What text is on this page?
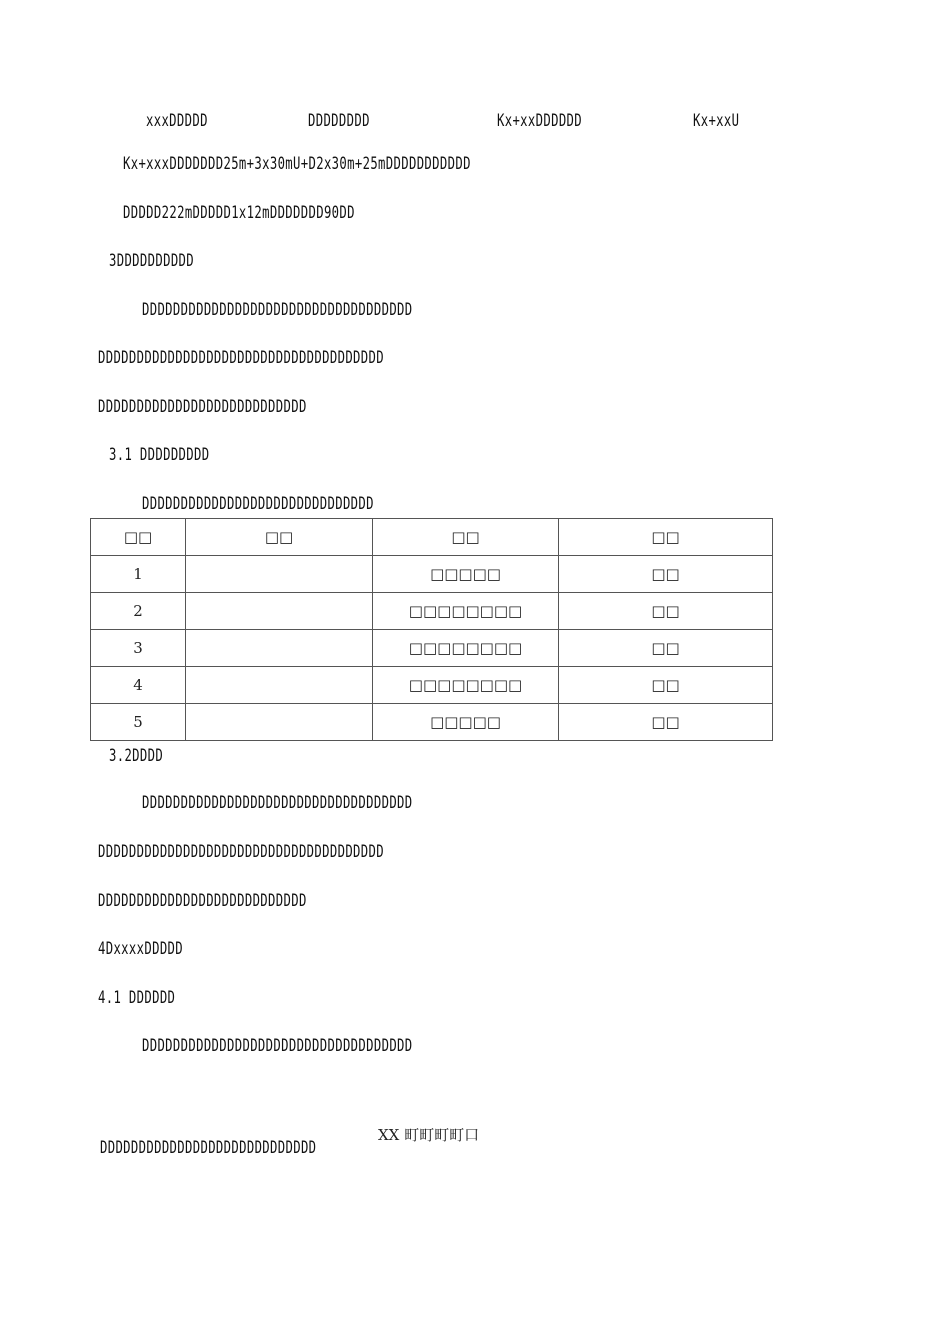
xxxDDDDD	DDDDDDDD	Kx+xxDDDDDD	Kx+xxU
Kx+xxxDDDDDDD25m+3x30mU+D2x30m+25mDDDDDDDDDDD
DDDDD222mDDDDD1x12mDDDDDDD90DD
3DDDDDDDDDD
DDDDDDDDDDDDDDDDDDDDDDDDDDDDDDDDDDD
DDDDDDDDDDDDDDDDDDDDDDDDDDDDDDDDDDDDD
DDDDDDDDDDDDDDDDDDDDDDDDDDD
3.1 DDDDDDDDD
DDDDDDDDDDDDDDDDDDDDDDDDDDDDDD
□□	□□	□□	□□
1		□□□□□	□□
2		□□□□□□□□	□□
3		□□□□□□□□	□□
4		□□□□□□□□	□□
5		□□□□□	□□
3.2DDDD
DDDDDDDDDDDDDDDDDDDDDDDDDDDDDDDDDDD
DDDDDDDDDDDDDDDDDDDDDDDDDDDDDDDDDDDDD
DDDDDDDDDDDDDDDDDDDDDDDDDDD
4DxxxxDDDDD
4.1 DDDDDD
DDDDDDDDDDDDDDDDDDDDDDDDDDDDDDDDDDD
DDDDDDDDDDDDDDDDDDDDDDDDDDDD
XX 町町町町口
